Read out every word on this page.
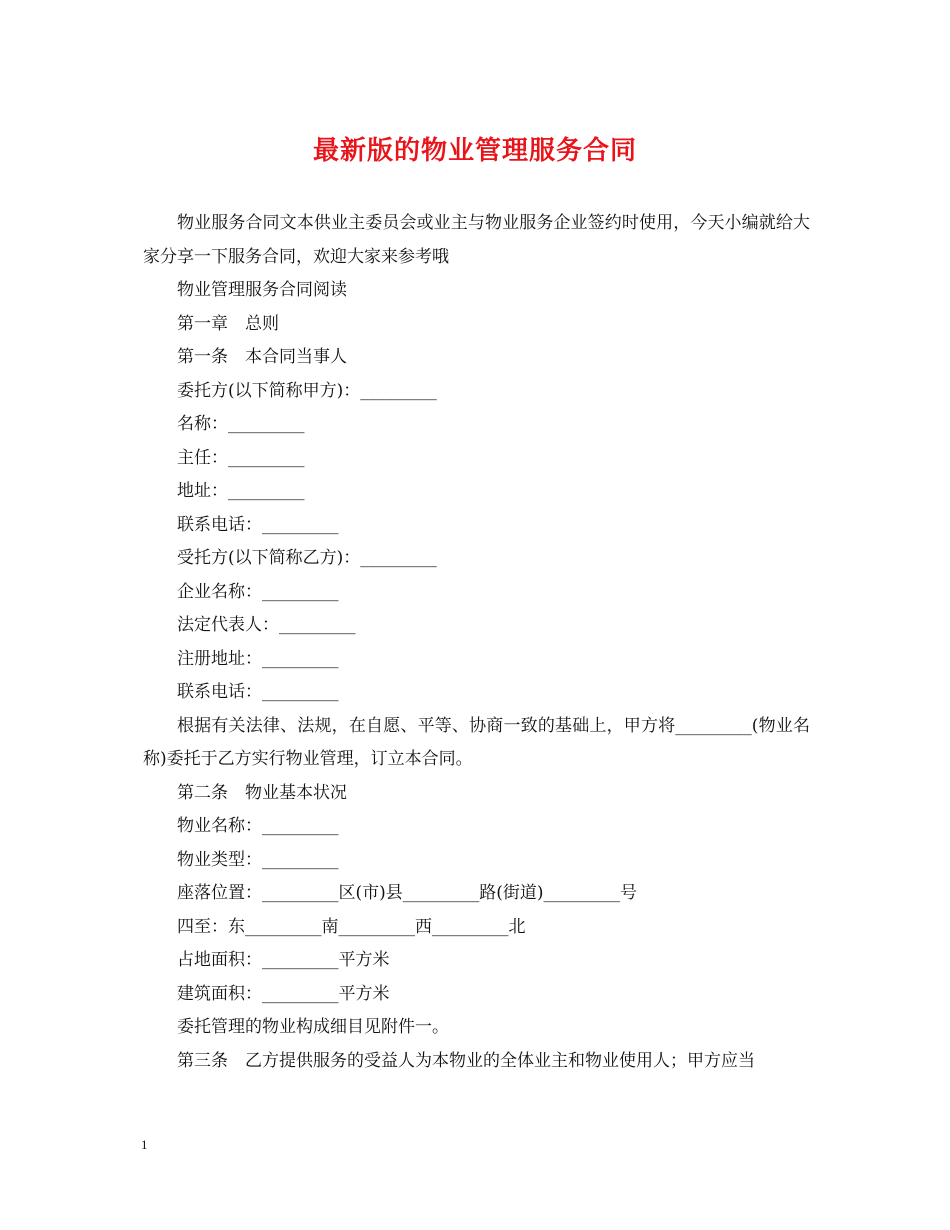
最新版的物业管理服务合同

物业服务合同文本供业主委员会或业主与物业服务企业签约时使用，今天小编就给大家分享一下服务合同，欢迎大家来参考哦

物业管理服务合同阅读

第一章　总则

第一条　本合同当事人

委托方(以下简称甲方)：_________

名称：_________

主任：_________

地址：_________

联系电话：_________

受托方(以下简称乙方)：_________

企业名称：_________

法定代表人：_________

注册地址：_________

联系电话：_________

根据有关法律、法规，在自愿、平等、协商一致的基础上，甲方将_________(物业名称)委托于乙方实行物业管理，订立本合同。

第二条　物业基本状况

物业名称：_________

物业类型：_________

座落位置：_________区(市)县_________路(街道)_________号

四至：东_________南_________西_________北

占地面积：_________平方米

建筑面积：_________平方米

委托管理的物业构成细目见附件一。

第三条　乙方提供服务的受益人为本物业的全体业主和物业使用人；甲方应当

1
